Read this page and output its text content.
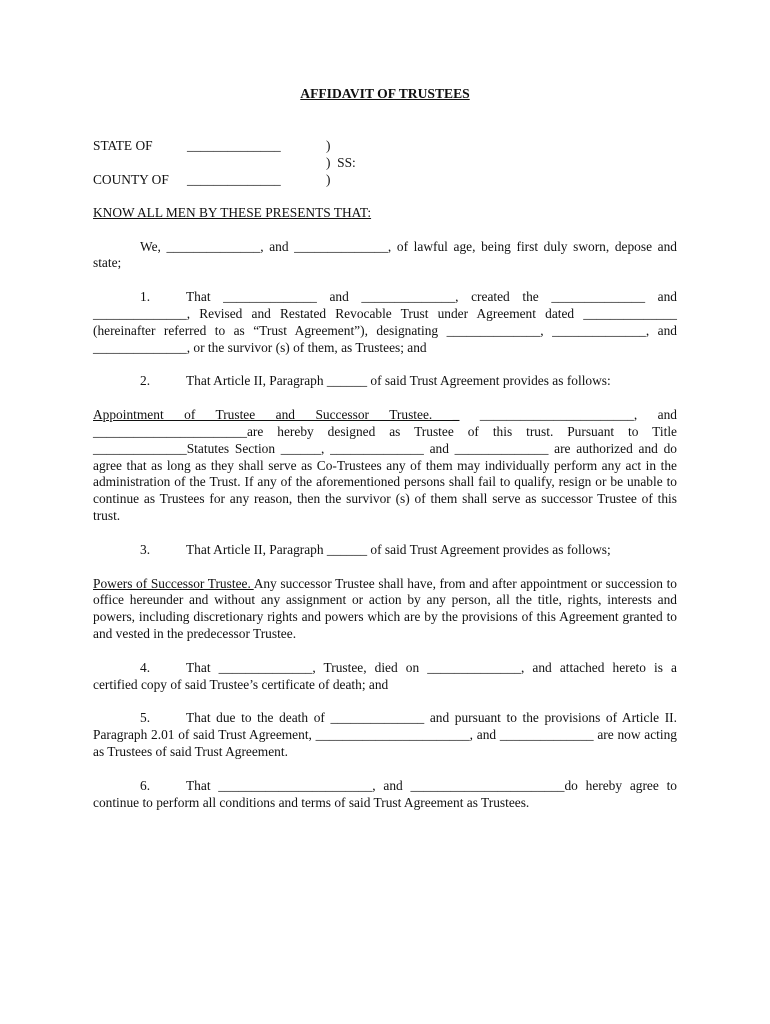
AFFIDAVIT OF TRUSTEES
STATE OF	______________	)
)  SS:
COUNTY OF ______________	)
KNOW ALL MEN BY THESE PRESENTS THAT:

We, ______________, and ______________, of lawful age, being first duly sworn, depose and state;

1.	That ______________ and ______________, created the ______________ and ______________, Revised and Restated Revocable Trust under Agreement dated ______________ (hereinafter referred to as “Trust Agreement”), designating ______________, ______________, and ______________, or the survivor (s) of them, as Trustees; and

2.	That Article II, Paragraph ______ of said Trust Agreement provides as follows:

Appointment of Trustee and Successor Trustee. _ _______________________, and _______________________are hereby designed as Trustee of this trust. Pursuant to Title ______________Statutes Section ______, ______________ and ______________ are authorized and do agree that as long as they shall serve as Co-Trustees any of them may individually perform any act in the administration of the Trust. If any of the aforementioned persons shall fail to qualify, resign or be unable to continue as Trustees for any reason, then the survivor (s) of them shall serve as successor Trustee of this trust.

3.	That Article II, Paragraph ______ of said Trust Agreement provides as follows;

Powers of Successor Trustee. Any successor Trustee shall have, from and after appointment or succession to office hereunder and without any assignment or action by any person, all the title, rights, interests and powers, including discretionary rights and powers which are by the provisions of this Agreement granted to and vested in the predecessor Trustee.

4.	That ______________, Trustee, died on ______________, and attached hereto is a certified copy of said Trustee’s certificate of death; and

5.	That due to the death of ______________ and pursuant to the provisions of Article II. Paragraph 2.01 of said Trust Agreement, _______________________, and ______________ are now acting as Trustees of said Trust Agreement.

6.	That _______________________, and _______________________do hereby agree to continue to perform all conditions and terms of said Trust Agreement as Trustees.
